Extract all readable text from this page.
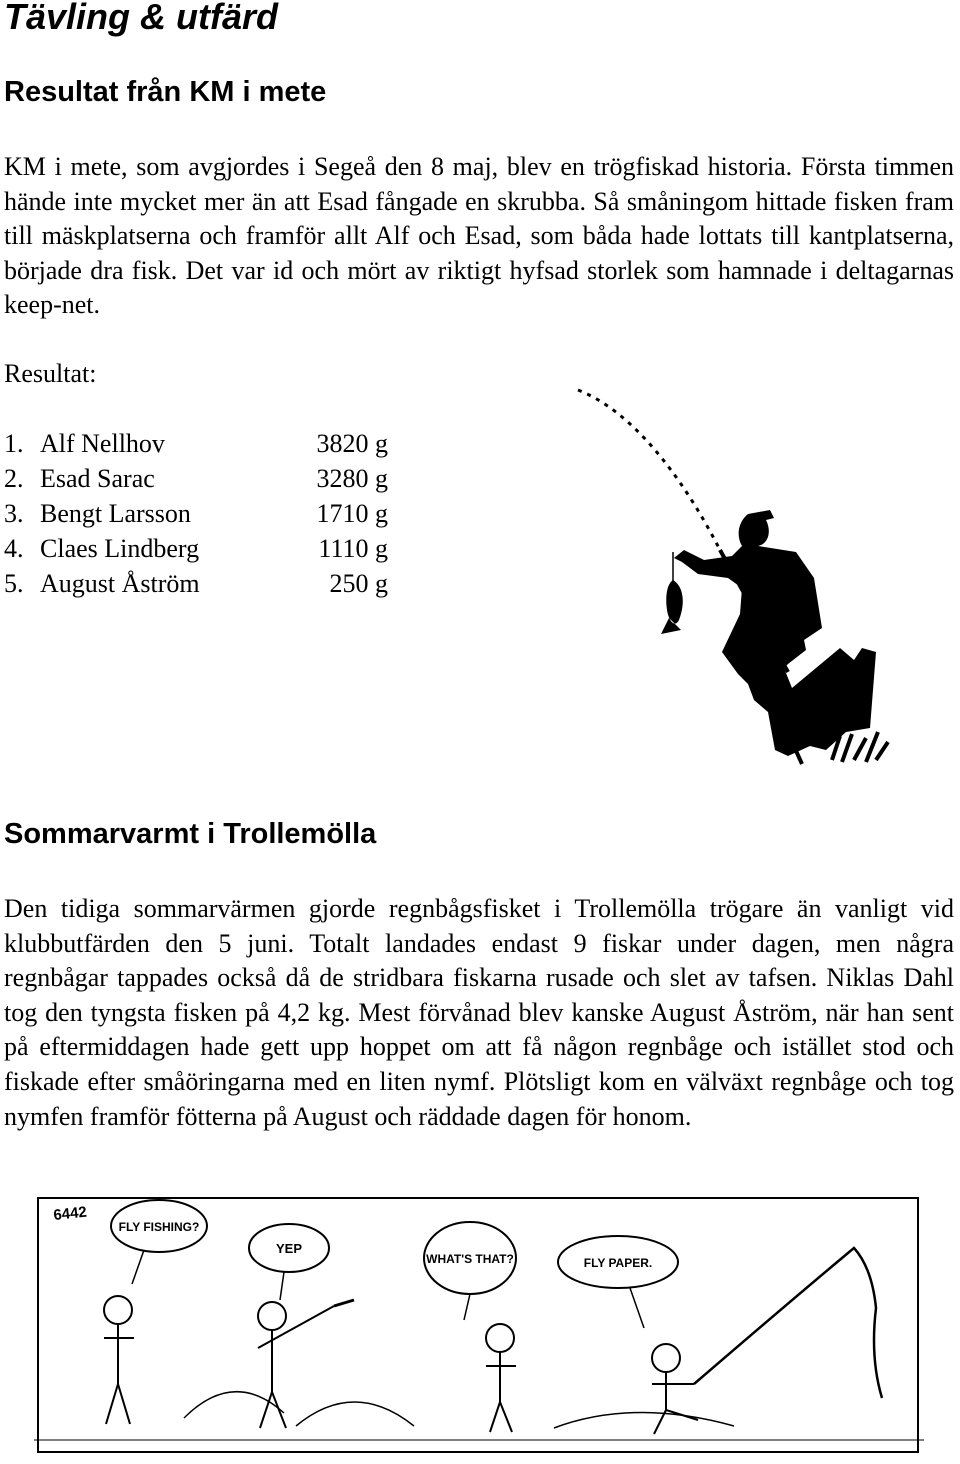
Tävling & utfärd
Resultat från KM i mete

KM i mete, som avgjordes i Segeå den 8 maj, blev en trögfiskad historia. Första timmen hände inte mycket mer än att Esad fångade en skrubba. Så småningom hittade fisken fram till mäskplatserna och framför allt Alf och Esad, som båda hade lottats till kantplatserna, började dra fisk. Det var id och mört av riktigt hyfsad storlek som hamnade i deltagarnas keep-net.

Resultat:

1.	Alf Nellhov	3820 g
2.	Esad Sarac	3280 g
3.	Bengt Larsson	1710 g
4.	Claes Lindberg	1110 g
5.	August Åström	250 g
Sommarvarmt i Trollemölla

Den tidiga sommarvärmen gjorde regnbågsfisket i Trollemölla trögare än vanligt vid klubbutfärden den 5 juni. Totalt landades endast 9 fiskar under dagen, men några regnbågar tappades också då de stridbara fiskarna rusade och slet av tafsen. Niklas Dahl tog den tyngsta fisken på 4,2 kg. Mest förvånad blev kanske August Åström, när han sent på eftermiddagen hade gett upp hoppet om att få någon regnbåge och istället stod och fiskade efter småöringarna med en liten nymf. Plötsligt kom en välväxt regnbåge och tog nymfen framför fötterna på August och räddade dagen för honom.

6442
FLY FISHING?
YEP
WHAT'S THAT?	FLY PAPER.
